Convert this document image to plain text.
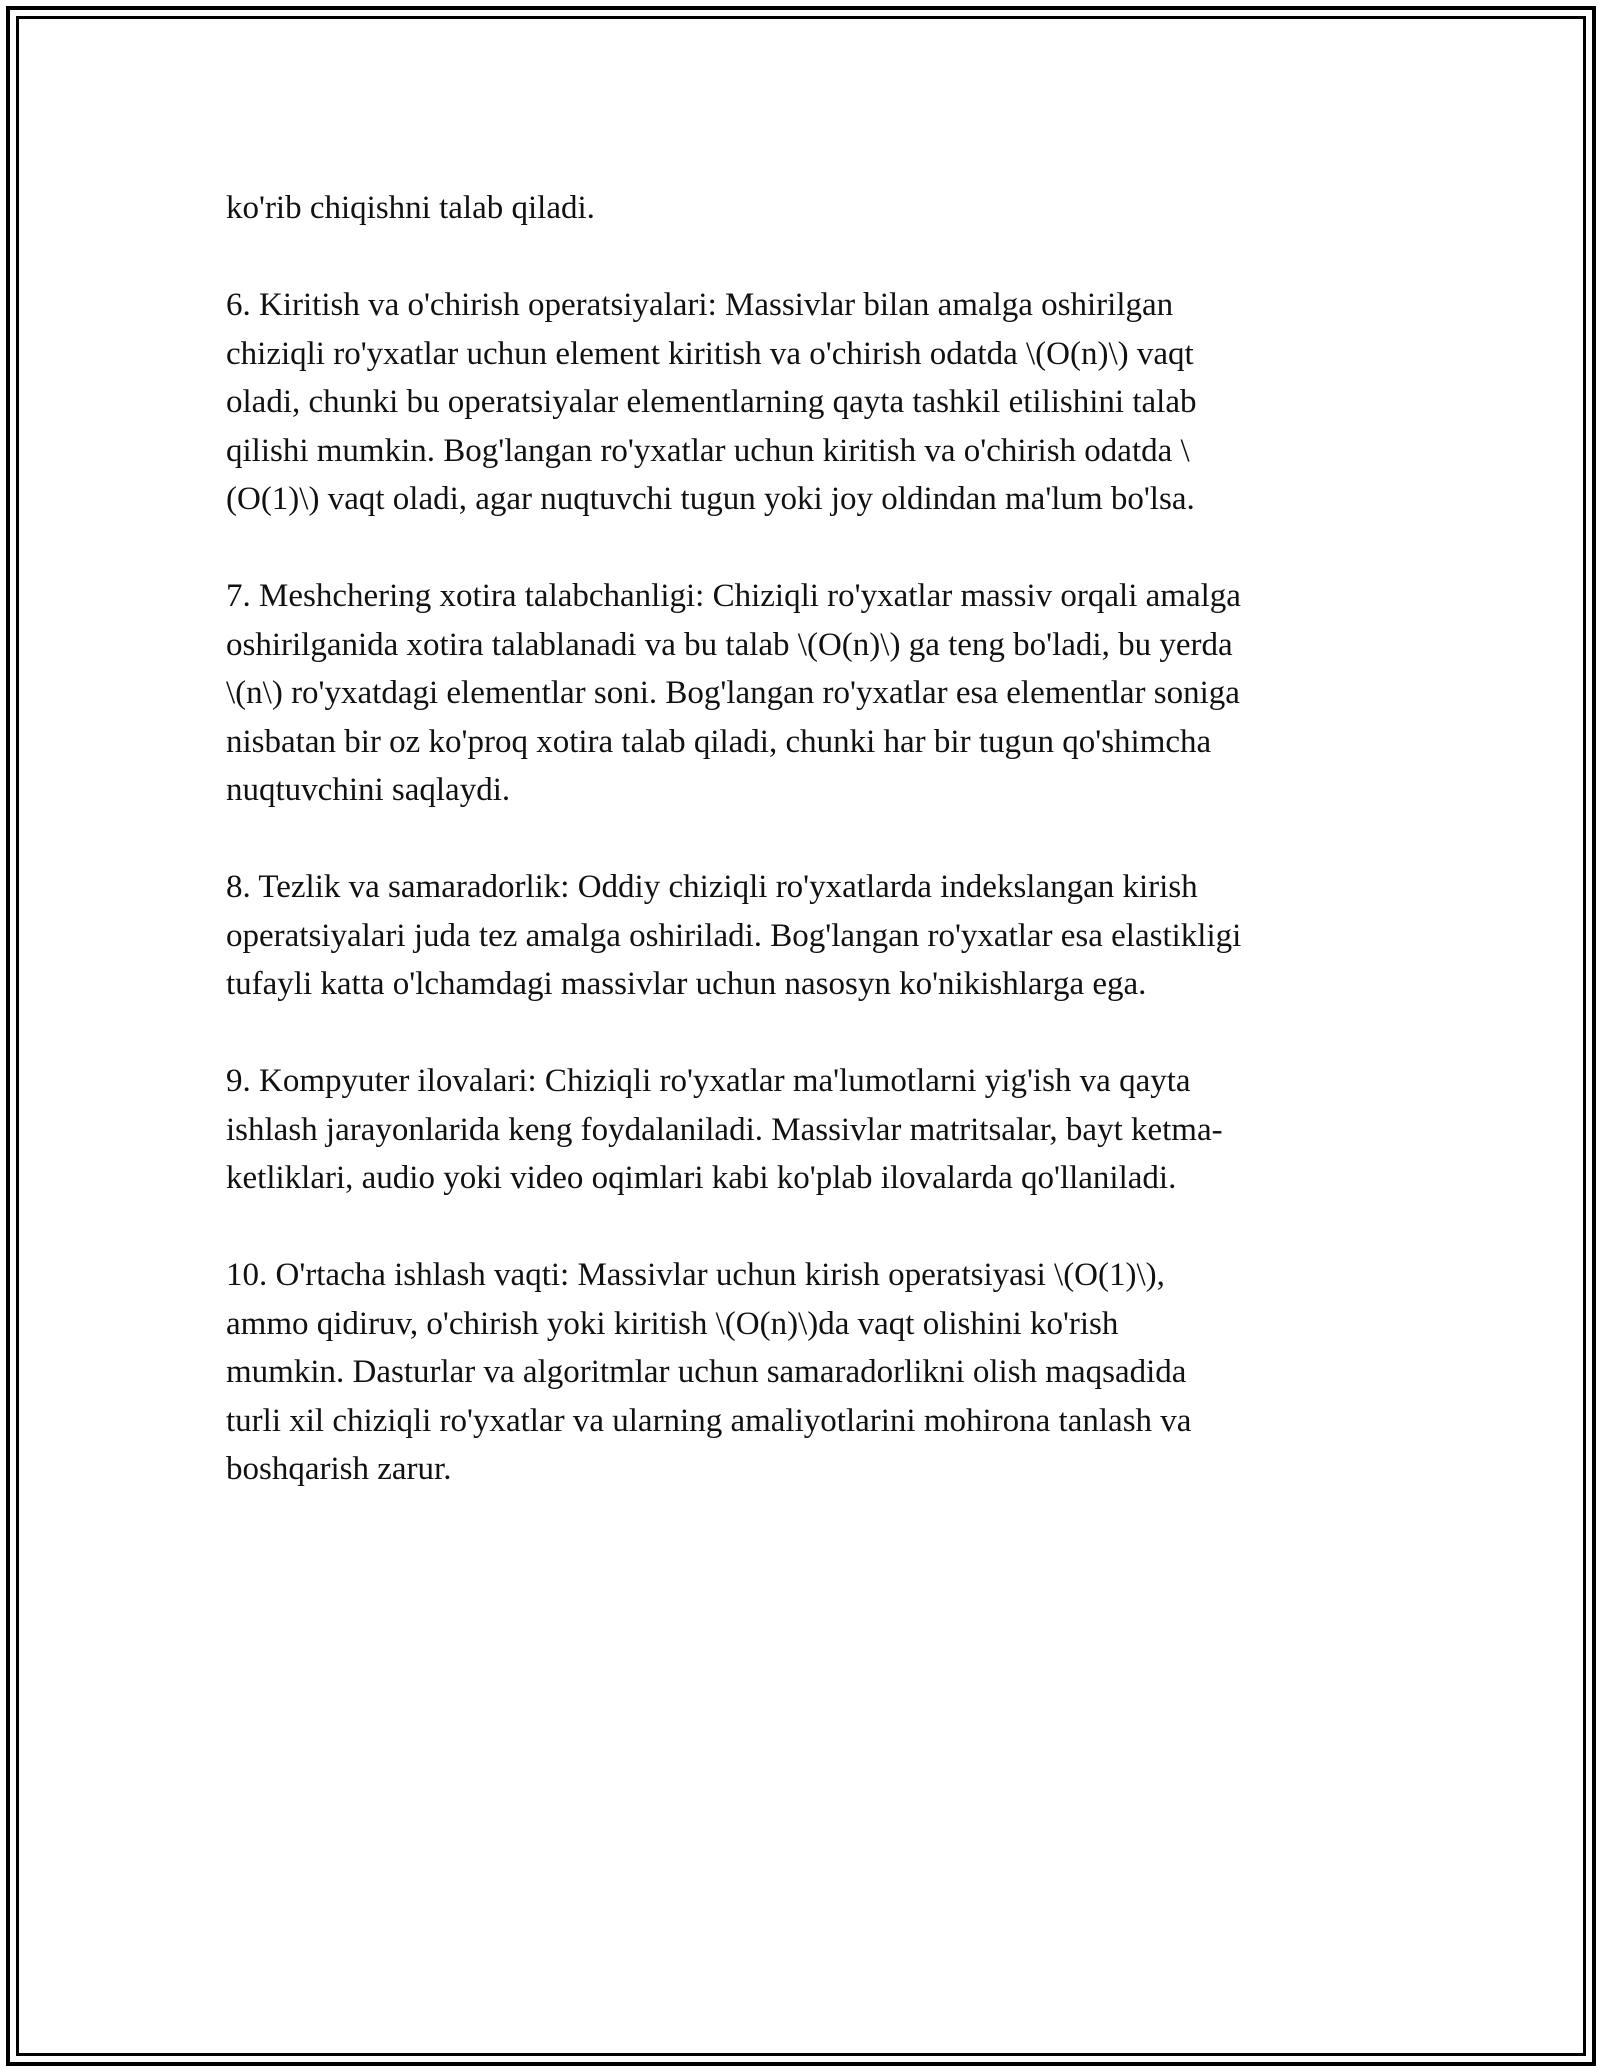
ko'rib chiqishni talab qiladi.

6. Kiritish va o'chirish operatsiyalari: Massivlar bilan amalga oshirilgan
chiziqli ro'yxatlar uchun element kiritish va o'chirish odatda \(O(n)\) vaqt
oladi, chunki bu operatsiyalar elementlarning qayta tashkil etilishini talab
qilishi mumkin. Bog'langan ro'yxatlar uchun kiritish va o'chirish odatda \
(O(1)\) vaqt oladi, agar nuqtuvchi tugun yoki joy oldindan ma'lum bo'lsa.

7. Meshchering xotira talabchanligi: Chiziqli ro'yxatlar massiv orqali amalga
oshirilganida xotira talablanadi va bu talab \(O(n)\) ga teng bo'ladi, bu yerda
\(n\) ro'yxatdagi elementlar soni. Bog'langan ro'yxatlar esa elementlar soniga
nisbatan bir oz ko'proq xotira talab qiladi, chunki har bir tugun qo'shimcha
nuqtuvchini saqlaydi.

8. Tezlik va samaradorlik: Oddiy chiziqli ro'yxatlarda indekslangan kirish
operatsiyalari juda tez amalga oshiriladi. Bog'langan ro'yxatlar esa elastikligi
tufayli katta o'lchamdagi massivlar uchun nasosyn ko'nikishlarga ega.

9. Kompyuter ilovalari: Chiziqli ro'yxatlar ma'lumotlarni yig'ish va qayta
ishlash jarayonlarida keng foydalaniladi. Massivlar matritsalar, bayt ketma-
ketliklari, audio yoki video oqimlari kabi ko'plab ilovalarda qo'llaniladi.

10. O'rtacha ishlash vaqti: Massivlar uchun kirish operatsiyasi \(O(1)\),
ammo qidiruv, o'chirish yoki kiritish \(O(n)\)da vaqt olishini ko'rish
mumkin. Dasturlar va algoritmlar uchun samaradorlikni olish maqsadida
turli xil chiziqli ro'yxatlar va ularning amaliyotlarini mohirona tanlash va
boshqarish zarur.
